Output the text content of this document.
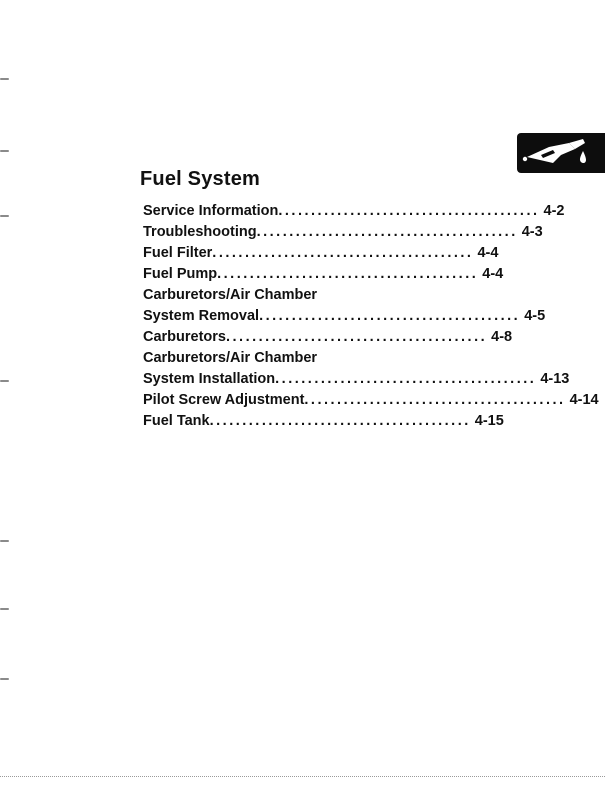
Fuel System
Service Information ........................................ 4-2
Troubleshooting ........................................ 4-3
Fuel Filter ........................................ 4-4
Fuel Pump ........................................ 4-4
Carburetors/Air Chamber
System Removal ........................................ 4-5
Carburetors ........................................ 4-8
Carburetors/Air Chamber
System Installation ........................................ 4-13
Pilot Screw Adjustment ........................................ 4-14
Fuel Tank ........................................ 4-15
